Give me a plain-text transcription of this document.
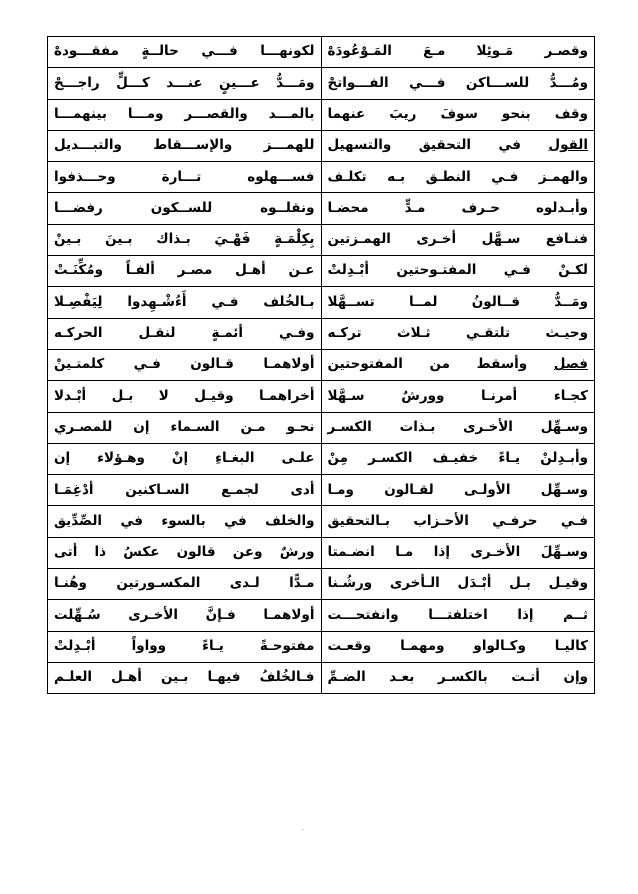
وقصـر مَـوئِلا مـعَ المَـوْعُودَهْ	لكونهـــا فـــي حالــةٍ مفقـــودهْ
ومُـــدُّ للســـاكن فـــي الفـــواتحْ	ومَـــدُّ عـــينٍ عنـــد كـــلٍّ راجـــحْ
وقف بنحو سوفَ ريبَ عنهما	بالمـــد والقصـــر ومـــا بينهمـــا
القول في التحقيق والتسهيل	للهمـــز والإســـقاط والتبـــديل
والهمـز فـي النطـق بـه تكلـف	فســـهلوه تـــارة وحـــذفوا
وأبـدلوه حـرف مـدٍّ محضـا	ونقلــوه للســكون رفضـــا
فنـافع سـهَّل أخـرى الهمـزتين	بِكِلْمَـةٍ فَهْـيَ بـذاك بـينَ بـينْ
لكـنْ فـي المفتـوحتين أبْـدِلتْ	عـن أهـل مصـر ألفـاً ومُكِّنَـتْ
ومَــدُّ قــالونُ لمــا تســهَّلا	بـالخُلف فـي أَءُشْـهِدوا لِيَفْصِـلا
وحيـث تلتقـي ثـلاث تركـه	وفـي أئمـةٍ لنقـل الحركـه
فصل وأسقط من المفتوحتين	أولاهمـا قـالون فـي كلمتـينْ
كجـاء أمرنـا وورشٌ سـهَّلا	أخراهمـا وقيـل لا بـل أبْـدلا
وسـهِّل الأخـرى بـذات الكسـر	نحـو مـن السـماء إن للمصـري
وأبـدِلنْ يـاءً خفيـف الكسـر مِنْ	علـى البغـاءِ إنْ وهـؤلاء إن
وسـهِّل الأولـى لقـالون ومـا	أدى لجمـع السـاكنين أدْغِمَـا
فـي حرفـي الأحـزاب بـالتحقيق	والخلف في بالسوء في الصِّدِّيق
وسـهِّلَ الأخـرى إذا مـا انضـمتا	ورشٌ وعن قالون عكسُ ذا أتى
وقيـل بـل أبْـدَل الـأخرى ورشُـنا	مـدًّا لـدى المكسـورتين وهُنـا
ثــم إذا اختلفتـــا وانفتحـــت	أولاهمـا فـإنَّ الأخـرى سُـهِّلت
كاليـا وكـالواو ومهمـا وقعـت	مفتوحـةً يـاءً وواواً أبْـدِلتْ
وإن أتـت بالكسـر بعـد الضـمِّ	فـالخُلفُ فيهـا بـين أهـل العلـم
.
